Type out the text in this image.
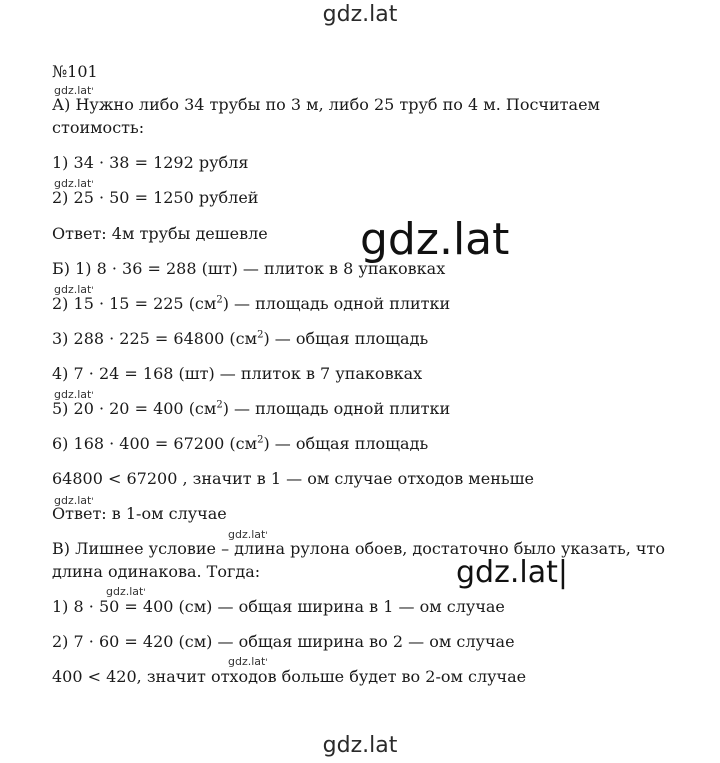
gdz.lat
№101
gdz.lat '
А) Нужно либо 34 трубы по 3 м, либо 25 труб по 4 м. Посчитаем
стоимость:
1) 34 · 38 = 1292 рубля
gdz.lat '
2) 25 · 50 = 1250 рублей
Ответ: 4м трубы дешевле gdz.lat
Б) 1) 8 · 36 = 288 (шт) — плиток в 8 упаковках
gdz.lat '
2) 15 · 15 = 225 $(см^2)$ — площадь одной плитки
3) 288 · 225 = 64800 $(см^2)$ — общая площадь
4) 7 · 24 = 168 (шт) — плиток в 7 упаковках
gdz.lat '
5) 20 · 20 = 400 $(см^2)$ — площадь одной плитки
6) 168 · 400 = 67200 $(см^2)$ — общая площадь
64800 < 67200 , значит в 1 — ом случае отходов меньше
gdz.lat '
Ответ: в 1-ом случае
gdz.lat '
В) Лишнее условие – длина рулона обоев, достаточно было указать, что
длина одинакова. Тогда:	gdz.lat|
gdz.lat '
1) 8 · 50 = 400 (см) — общая ширина в 1 — ом случае
2) 7 · 60 = 420 (см) — общая ширина во 2 — ом случае
gdz.lat '
400 < 420, значит отходов больше будет во 2-ом случае
gdz.lat
